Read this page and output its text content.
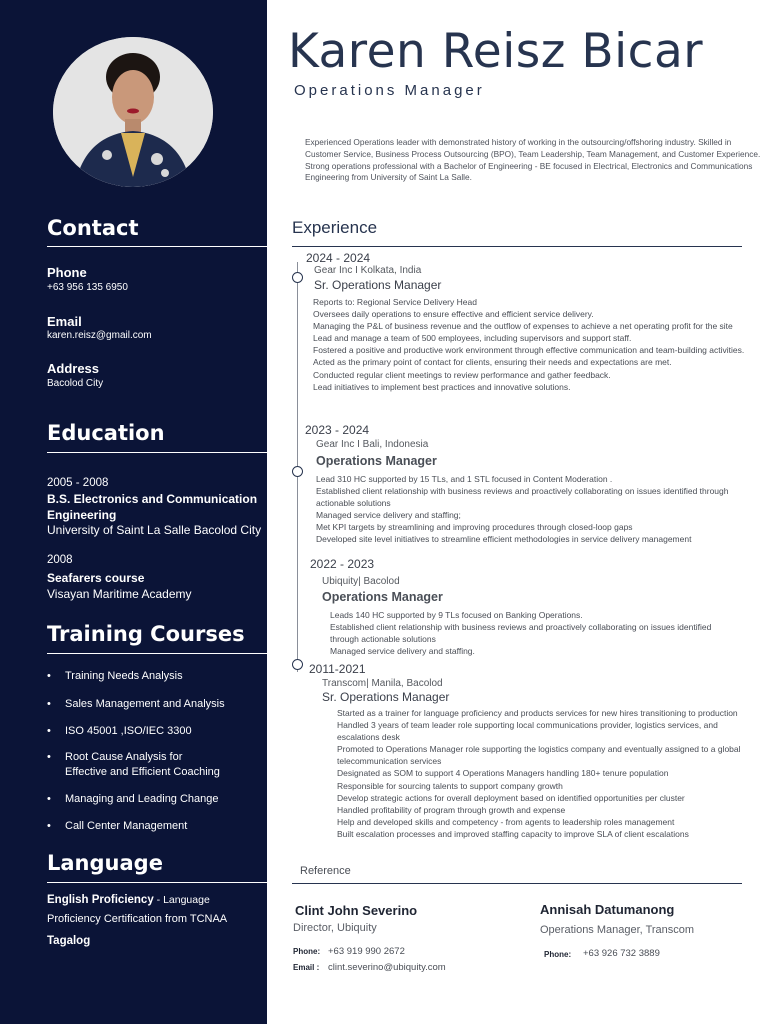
Contact
Phone
+63 956 135 6950
Email
karen.reisz@gmail.com
Address
Bacolod City
Education
2005 - 2008
B.S. Electronics and Communication Engineering
University of Saint La Salle Bacolod City
2008
Seafarers course
Visayan Maritime Academy
Training Courses
• Training Needs Analysis
• Sales Management and Analysis
• ISO 45001 ,ISO/IEC 3300
• Root Cause Analysis for
Effective and Efficient Coaching
• Managing and Leading Change
• Call Center Management
Language
English Proficiency - Language
Proficiency Certification from TCNAA
Tagalog
Karen Reisz Bicar
Operations Manager
Experienced Operations leader with demonstrated history of working in the outsourcing/offshoring industry. Skilled in Customer Service, Business Process Outsourcing (BPO), Team Leadership, Team Management, and Customer Experience. Strong operations professional with a Bachelor of Engineering - BE focused in Electrical, Electronics and Communications Engineering from University of Saint La Salle.
Experience
2024 - 2024
Gear Inc I Kolkata, India
Sr. Operations Manager
Reports to: Regional Service Delivery Head
Oversees daily operations to ensure effective and efficient service delivery.
Managing the P&L of business revenue and the outflow of expenses to achieve a net operating profit for the site
Lead and manage a team of 500 employees, including supervisors and support staff.
Fostered a positive and productive work environment through effective communication and team-building activities.
Acted as the primary point of contact for clients, ensuring their needs and expectations are met.
Conducted regular client meetings to review performance and gather feedback.
Lead initiatives to implement best practices and innovative solutions.
2023 - 2024
Gear Inc I Bali, Indonesia
Operations Manager
Lead 310 HC supported by 15 TLs, and 1 STL focused in Content Moderation .
Established client relationship with business reviews and proactively collaborating on issues identified through actionable solutions
Managed service delivery and staffing;
Met KPI targets by streamlining and improving procedures through closed-loop gaps
Developed site level initiatives to streamline efficient methodologies in service delivery management
2022 - 2023
Ubiquity| Bacolod
Operations Manager
Leads 140 HC supported by 9 TLs focused on Banking Operations.
Established client relationship with business reviews and proactively collaborating on issues identified through actionable solutions
Managed service delivery and staffing.
2011-2021
Transcom| Manila, Bacolod
Sr. Operations Manager
Started as a trainer for language proficiency and products services for new hires transitioning to production
Handled 3 years of team leader role supporting local communications provider, logistics services, and escalations desk
Promoted to Operations Manager role supporting the logistics company and eventually assigned to a global telecommunication services
Designated as SOM to support 4 Operations Managers handling 180+ tenure population
Responsible for sourcing talents to support company growth
Develop strategic actions for overall deployment based on identified opportunities per cluster
Handled profitability of program through growth and expense
Help and developed skills and competency - from agents to leadership roles management
Built escalation processes and improved staffing capacity to improve SLA of client escalations
Reference
Clint John Severino
Director, Ubiquity
Phone: +63 919 990 2672
Email : clint.severino@ubiquity.com
Annisah Datumanong
Operations Manager, Transcom
Phone: +63 926 732 3889
